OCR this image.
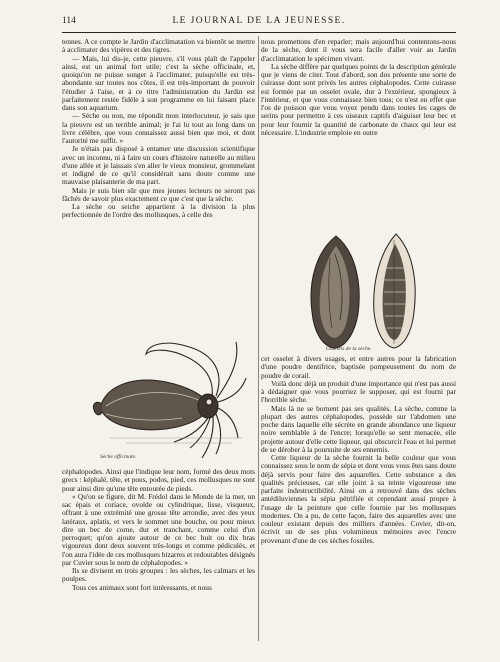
114	LE JOURNAL DE LA JEUNESSE.

tennes. A ce compte le Jardin d'acclimatation va bientôt se mettre à acclimater des vipères et des tigres.

— Mais, lui dis-je, cette pieuvre, s'il vous plaît de l'appeler ainsi, est un animal fort utile; c'est la sèche officinale, et, quoiqu'on ne puisse songer à l'acclimater, puisqu'elle est très-abondante sur toutes nos côtes, il est très-important de pouvoir l'étudier à l'aise, et à ce titre l'administration du Jardin est parfaitement restée fidèle à son programme en lui faisant place dans son aquarium.

— Sèche ou non, me répondit mon interlocuteur, je sais que la pieuvre est un terrible animal; je l'ai lu tout au long dans un livre célèbre, que vous connaissez aussi bien que moi, et dont l'autorité me suffit. »

Je n'étais pas disposé à entamer une discussion scientifique avec un inconnu, ni à faire un cours d'histoire naturelle au milieu d'une allée et je laissais s'en aller le vieux monsieur, grommelant et indigné de ce qu'il considérait sans doute comme une mauvaise plaisanterie de ma part.

Mais je suis bien sûr que mes jeunes lecteurs ne seront pas fâchés de savoir plus exactement ce que c'est que la sèche.

La sèche ou seiche appartient à la division la plus perfectionnée de l'ordre des mollusques, à celle des

Sèche officinale.

céphalopodes. Ainsi que l'indique leur nom, formé des deux mots grecs : képhalé, tête, et pous, podos, pied, ces mollusques ne sont pour ainsi dire qu'une tête entourée de pieds.

« Qu'on se figure, dit M. Frédol dans le Monde de la mer, un sac épais et coriace, ovoïde ou cylindrique, lisse, visqueux, offrant à une extrémité une grosse tête arrondie, avec des yeux latéraux, aplatis, et vers le sommet une bouche, ou pour mieux dire un bec de corne, dur et tranchant, comme celui d'un perroquet; qu'on ajoute autour de ce bec huit ou dix bras vigoureux dont deux souvent très-longs et comme pédiculés, et l'on aura l'idée de ces mollusques bizarres et redoutables désignés par Cuvier sous le nom de céphalopodes. »

Ils se divisent en trois groupes : les sèches, les calmars et les poulpes.

Tous ces animaux sont fort intéressants, et nous

nous promettons d'en reparler; mais aujourd'hui contentons-nous de la sèche, dont il vous sera facile d'aller voir au Jardin d'acclimatation le spécimen vivant.

La sèche diffère par quelques points de la description générale que je viens de citer. Tout d'abord, son dos présente une sorte de cuirasse dont sont privés les autres céphalopodes. Cette cuirasse est formée par un osselet ovale, dur à l'extérieur, spongieux à l'intérieur, et que vous connaissez bien tous; ce n'est en effet que l'os de poisson que vous voyez pendu dans toutes les cages de serins pour permettre à ces oiseaux captifs d'aiguiser leur bec et pour leur fournir la quantité de carbonate de chaux qui leur est nécessaire. L'industrie emploie en outre

Osselets de la sèche.

cet osselet à divers usages, et entre autres pour la fabrication d'une poudre dentifrice, baptisée pompeusement du nom de poudre de corail.

Voilà donc déjà un produit d'une importance qui n'est pas aussi à dédaigner que vous pourriez le supposer, qui est fourni par l'horrible sèche.

Mais là ne se bornent pas ses qualités. La sèche, comme la plupart des autres céphalopodes, possède sur l'abdomen une poche dans laquelle elle sécrète en grande abondance une liqueur noire semblable à de l'encre; lorsqu'elle se sent menacée, elle projette autour d'elle cette liqueur, qui obscurcit l'eau et lui permet de se dérober à la poursuite de ses ennemis.

Cette liqueur de la sèche fournit la belle couleur que vous connaissez sous le nom de sépia et dont vous vous êtes sans doute déjà servis pour faire des aquarelles. Cette substance a des qualités précieuses, car elle joint à sa teinte vigoureuse une parfaite indestructibilité. Ainsi on a retrouvé dans des sèches antédiluviennes la sépia pétrifiée et cependant aussi propre à l'usage de la peinture que celle fournie par les mollusques modernes. On a pu, de cette façon, faire des aquarelles avec une couleur existant depuis des milliers d'années. Cuvier, dit-on, écrivit un de ses plus volumineux mémoires avec l'encre provenant d'une de ces sèches fossiles.
